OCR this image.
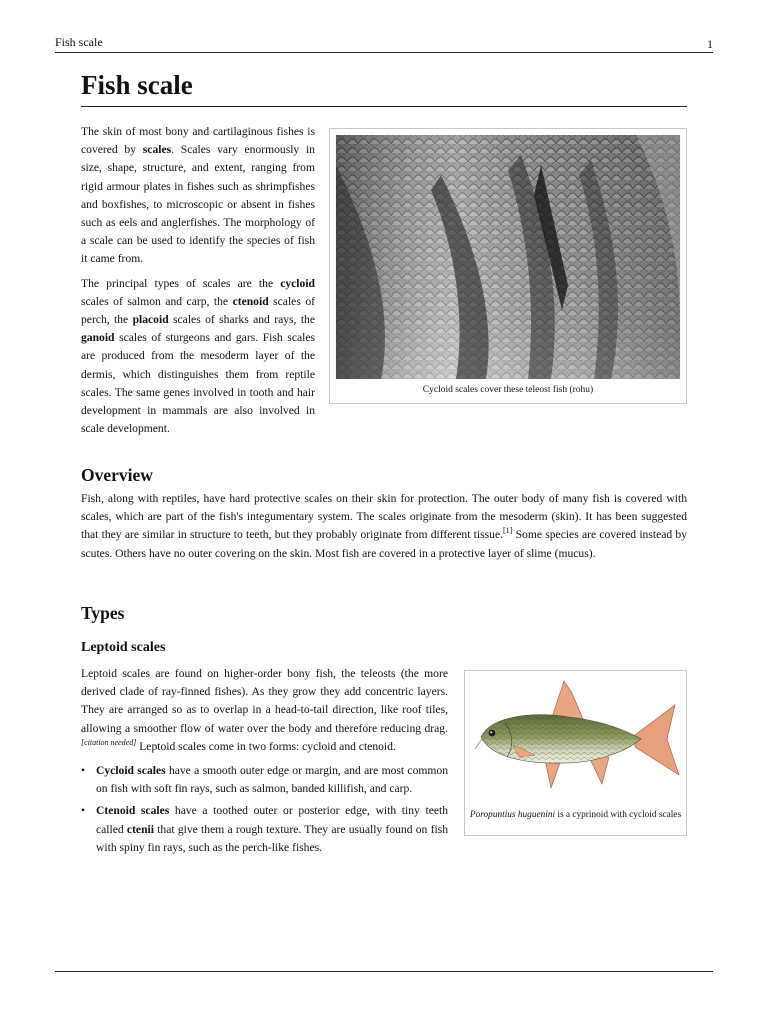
Fish scale	1
Fish scale
Cycloid scales cover these teleost fish (rohu)

The skin of most bony and cartilaginous fishes is covered by scales. Scales vary enormously in size, shape, structure, and extent, ranging from rigid armour plates in fishes such as shrimpfishes and boxfishes, to microscopic or absent in fishes such as eels and anglerfishes. The morphology of a scale can be used to identify the species of fish it came from.

The principal types of scales are the cycloid scales of salmon and carp, the ctenoid scales of perch, the placoid scales of sharks and rays, the ganoid scales of sturgeons and gars. Fish scales are produced from the mesoderm layer of the dermis, which distinguishes them from reptile scales. The same genes involved in tooth and hair development in mammals are also involved in scale development.

Overview

Fish, along with reptiles, have hard protective scales on their skin for protection. The outer body of many fish is covered with scales, which are part of the fish's integumentary system. The scales originate from the mesoderm (skin). It has been suggested that they are similar in structure to teeth, but they probably originate from different tissue.[1] Some species are covered instead by scutes. Others have no outer covering on the skin. Most fish are covered in a protective layer of slime (mucus).

Types
Leptoid scales
Poropuntius huguenini is a cyprinoid with cycloid scales

Leptoid scales are found on higher-order bony fish, the teleosts (the more derived clade of ray-finned fishes). As they grow they add concentric layers. They are arranged so as to overlap in a head-to-tail direction, like roof tiles, allowing a smoother flow of water over the body and therefore reducing drag.[citation needed] Leptoid scales come in two forms: cycloid and ctenoid.

• Cycloid scales have a smooth outer edge or margin, and are most common on fish with soft fin rays, such as salmon, banded killifish, and carp.
• Ctenoid scales have a toothed outer or posterior edge, with tiny teeth called ctenii that give them a rough texture. They are usually found on fish with spiny fin rays, such as the perch-like fishes.
